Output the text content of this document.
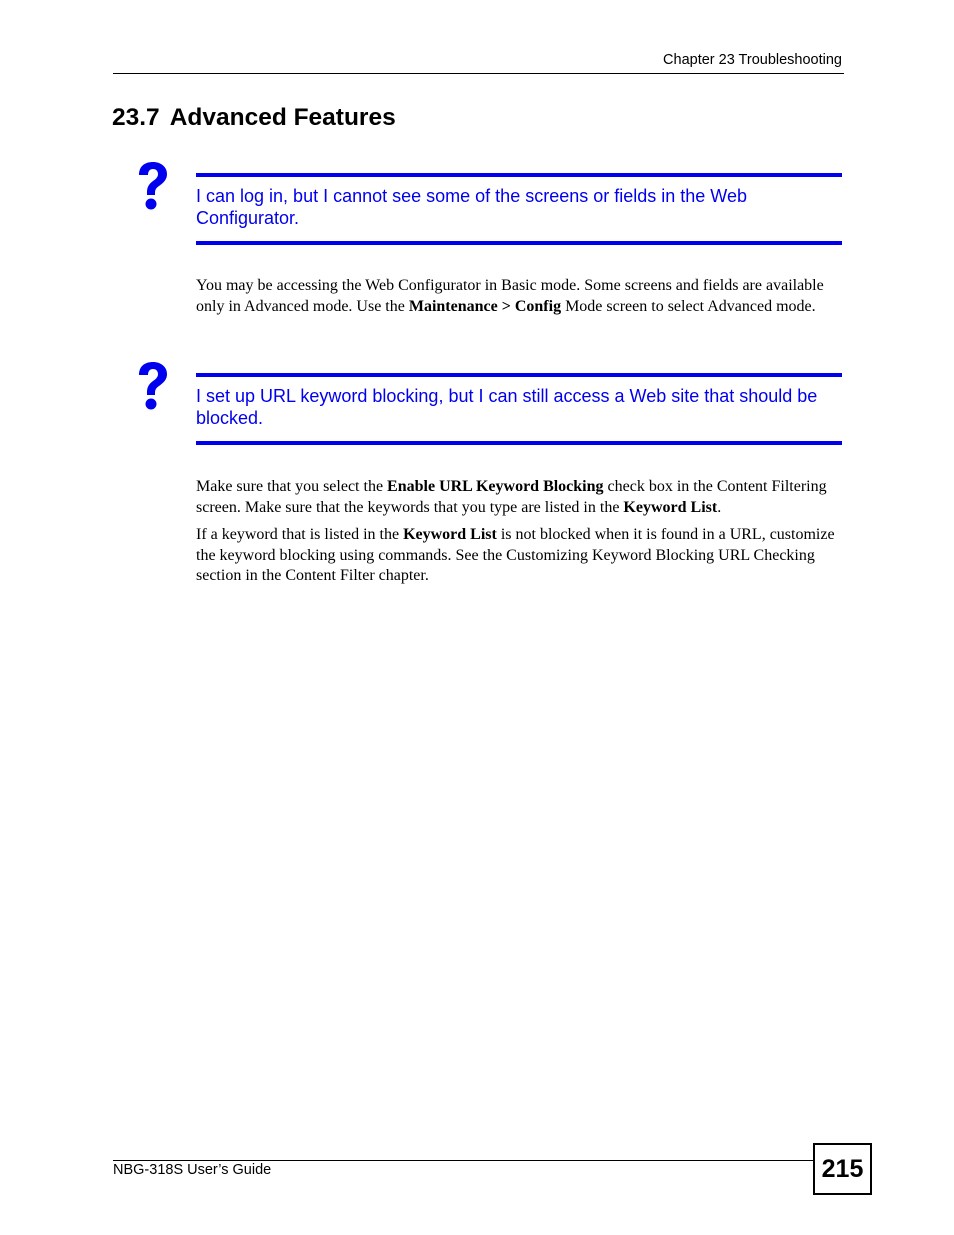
Chapter 23 Troubleshooting
23.7 Advanced Features

I can log in, but I cannot see some of the screens or fields in the Web Configurator.

You may be accessing the Web Configurator in Basic mode. Some screens and fields are available only in Advanced mode. Use the Maintenance > Config Mode screen to select Advanced mode.

I set up URL keyword blocking, but I can still access a Web site that should be blocked.

Make sure that you select the Enable URL Keyword Blocking check box in the Content Filtering screen. Make sure that the keywords that you type are listed in the Keyword List.

If a keyword that is listed in the Keyword List is not blocked when it is found in a URL, customize the keyword blocking using commands. See the Customizing Keyword Blocking URL Checking section in the Content Filter chapter.

NBG-318S User’s Guide	215
